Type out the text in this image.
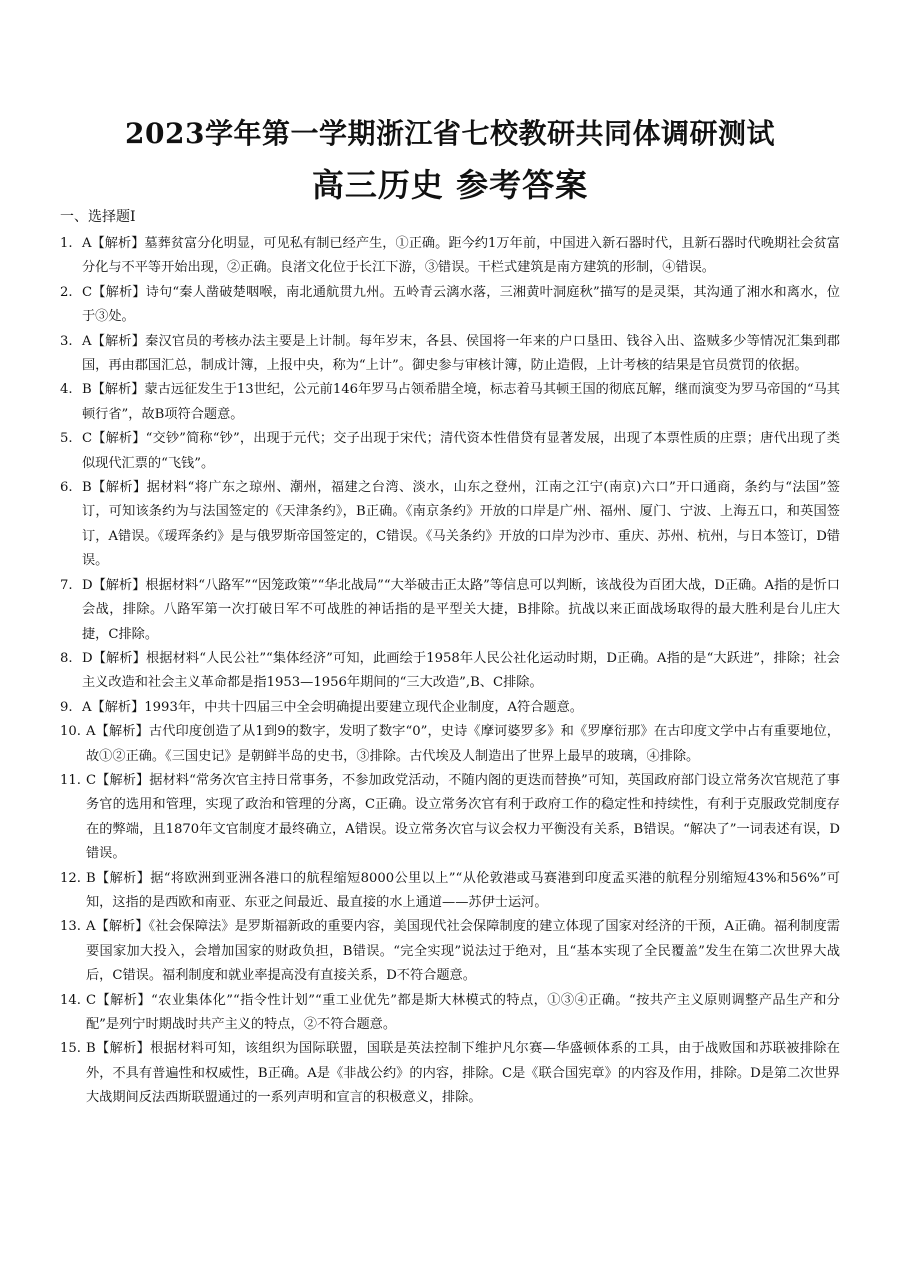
2023学年第一学期浙江省七校教研共同体调研测试
高三历史 参考答案
一、选择题Ⅰ
1. A【解析】墓葬贫富分化明显，可见私有制已经产生，①正确。距今约1万年前，中国进入新石器时代，且新石器时代晚期社会贫富分化与不平等开始出现，②正确。良渚文化位于长江下游，③错误。干栏式建筑是南方建筑的形制，④错误。
2. C【解析】诗句“秦人凿破楚咽喉，南北通航贯九州。五岭青云漓水落，三湘黄叶洞庭秋”描写的是灵渠，其沟通了湘水和离水，位于③处。
3. A【解析】秦汉官员的考核办法主要是上计制。每年岁末，各县、侯国将一年来的户口垦田、钱谷入出、盗贼多少等情况汇集到郡国，再由郡国汇总，制成计簿，上报中央，称为“上计”。御史参与审核计簿，防止造假，上计考核的结果是官员赏罚的依据。
4. B【解析】蒙古远征发生于13世纪，公元前146年罗马占领希腊全境，标志着马其顿王国的彻底瓦解，继而演变为罗马帝国的“马其顿行省”，故B项符合题意。
5. C【解析】“交钞”简称“钞”，出现于元代；交子出现于宋代；清代资本性借贷有显著发展，出现了本票性质的庄票；唐代出现了类似现代汇票的“飞钱”。
6. B【解析】据材料“将广东之琼州、潮州，福建之台湾、淡水，山东之登州，江南之江宁(南京)六口”开口通商，条约与“法国”签订，可知该条约为与法国签定的《天津条约》，B正确。《南京条约》开放的口岸是广州、福州、厦门、宁波、上海五口，和英国签订，A错误。《瑷珲条约》是与俄罗斯帝国签定的，C错误。《马关条约》开放的口岸为沙市、重庆、苏州、杭州，与日本签订，D错误。
7. D【解析】根据材料“八路军”“因笼政策”“华北战局”“大举破击正太路”等信息可以判断，该战役为百团大战，D正确。A指的是忻口会战，排除。八路军第一次打破日军不可战胜的神话指的是平型关大捷，B排除。抗战以来正面战场取得的最大胜利是台儿庄大捷，C排除。
8. D【解析】根据材料“人民公社”“集体经济”可知，此画绘于1958年人民公社化运动时期，D正确。A指的是“大跃进”，排除；社会主义改造和社会主义革命都是指1953—1956年期间的“三大改造”,B、C排除。
9. A【解析】1993年，中共十四届三中全会明确提出要建立现代企业制度，A符合题意。
10. A【解析】古代印度创造了从1到9的数字，发明了数字“0”，史诗《摩诃婆罗多》和《罗摩衍那》在古印度文学中占有重要地位，故①②正确。《三国史记》是朝鲜半岛的史书，③排除。古代埃及人制造出了世界上最早的玻璃，④排除。
11. C【解析】据材料“常务次官主持日常事务，不参加政党活动，不随内阁的更迭而替换”可知，英国政府部门设立常务次官规范了事务官的选用和管理，实现了政治和管理的分离，C正确。设立常务次官有利于政府工作的稳定性和持续性，有利于克服政党制度存在的弊端，且1870年文官制度才最终确立，A错误。设立常务次官与议会权力平衡没有关系，B错误。“解决了”一词表述有误，D错误。
12. B【解析】据“将欧洲到亚洲各港口的航程缩短8000公里以上”“从伦敦港或马赛港到印度孟买港的航程分别缩短43%和56%”可知，这指的是西欧和南亚、东亚之间最近、最直接的水上通道——苏伊士运河。
13. A【解析】《社会保障法》是罗斯福新政的重要内容，美国现代社会保障制度的建立体现了国家对经济的干预，A正确。福利制度需要国家加大投入，会增加国家的财政负担，B错误。“完全实现”说法过于绝对，且“基本实现了全民覆盖”发生在第二次世界大战后，C错误。福利制度和就业率提高没有直接关系，D不符合题意。
14. C【解析】“农业集体化”“指令性计划”“重工业优先”都是斯大林模式的特点，①③④正确。“按共产主义原则调整产品生产和分配”是列宁时期战时共产主义的特点，②不符合题意。
15. B【解析】根据材料可知，该组织为国际联盟，国联是英法控制下维护凡尔赛—华盛顿体系的工具，由于战败国和苏联被排除在外，不具有普遍性和权威性，B正确。A是《非战公约》的内容，排除。C是《联合国宪章》的内容及作用，排除。D是第二次世界大战期间反法西斯联盟通过的一系列声明和宣言的积极意义，排除。
